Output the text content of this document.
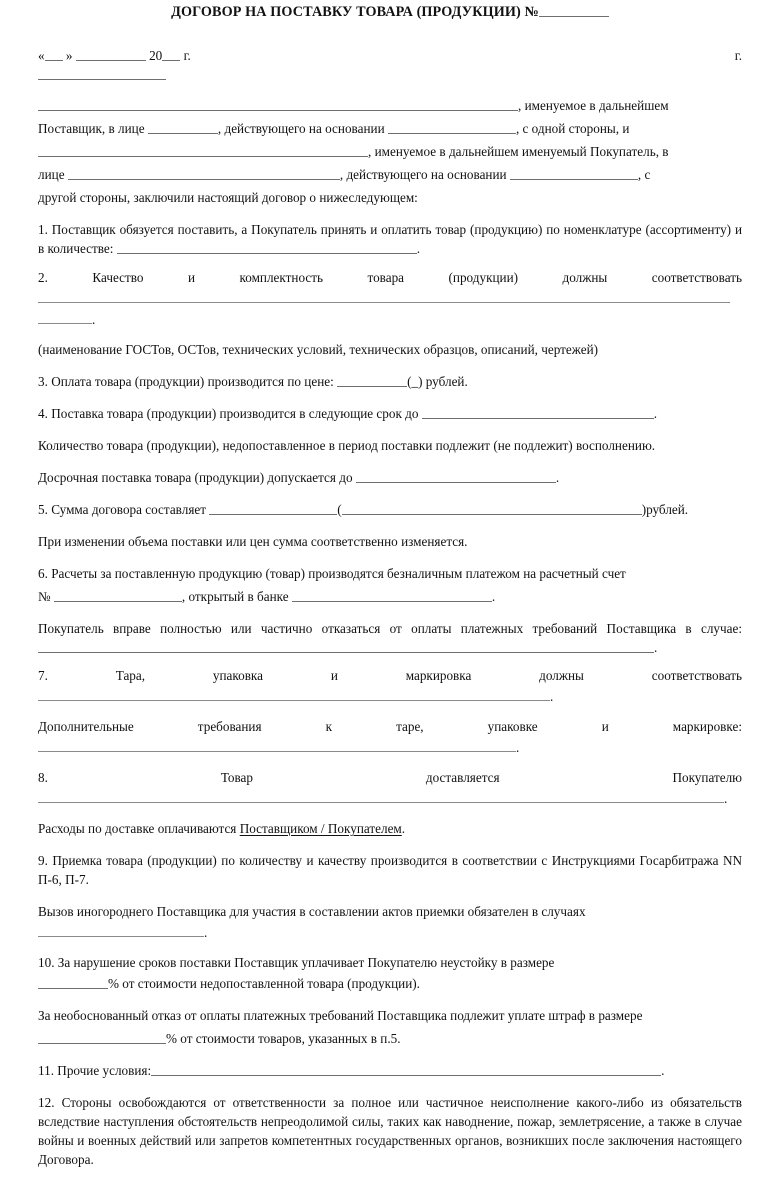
ДОГОВОР НА ПОСТАВКУ ТОВАРА (ПРОДУКЦИИ) №
« »	20 г.	г.

, именуемое в дальнейшем

Поставщик, в лице	, действующего на основании	, с одной стороны, и

, именуемое в дальнейшем именуемый Покупатель, в

лице	, действующего на основании	, с

другой стороны, заключили настоящий договор о нижеследующем:

1. Поставщик обязуется поставить, а Покупатель принять и оплатить товар (продукцию) по номенклатуре (ассортименту) и в количестве:	.

2.	Качество и комплектность товара (продукции) должны соответствовать

.

(наименование ГОСТов, ОСТов, технических условий, технических образцов, описаний, чертежей)

3. Оплата товара (продукции) производится по цене:	(_) рублей.

4. Поставка товара (продукции) производится в следующие срок до	.

Количество товара (продукции), недопоставленное в период поставки подлежит (не подлежит) восполнению.

Досрочная поставка товара (продукции) допускается до	.

5. Сумма договора составляет	(	)рублей.

При изменении объема поставки или цен сумма соответственно изменяется.

6. Расчеты за поставленную продукцию (товар) производятся безналичным платежом на расчетный счет

№	, открытый в банке	.

Покупатель вправе полностью или частично отказаться от оплаты платежных требований Поставщика в случае:.

7.	Тара, упаковка и маркировка должны соответствовать

.

Дополнительные требования к таре, упаковке и маркировке:

.

8.	Товар доставляется Покупателю

.

Расходы по доставке оплачиваются Поставщиком / Покупателем.

9. Приемка товара (продукции) по количеству и качеству производится в соответствии с Инструкциями Госарбитража NN П-6, П-7.

Вызов иногороднего Поставщика для участия в составлении актов приемки обязателен в случаях

.

10. За нарушение сроков поставки Поставщик уплачивает Покупателю неустойку в размере

% от стоимости недопоставленной товара (продукции).

За необоснованный отказ от оплаты платежных требований Поставщика подлежит уплате штраф в размере

% от стоимости товаров, указанных в п.5.

11. Прочие условия:	.

12. Стороны освобождаются от ответственности за полное или частичное неисполнение какого-либо из обязательств вследствие наступления обстоятельств непреодолимой силы, таких как наводнение, пожар, землетрясение, а также в случае войны и военных действий или запретов компетентных государственных органов, возникших после заключения настоящего Договора.
